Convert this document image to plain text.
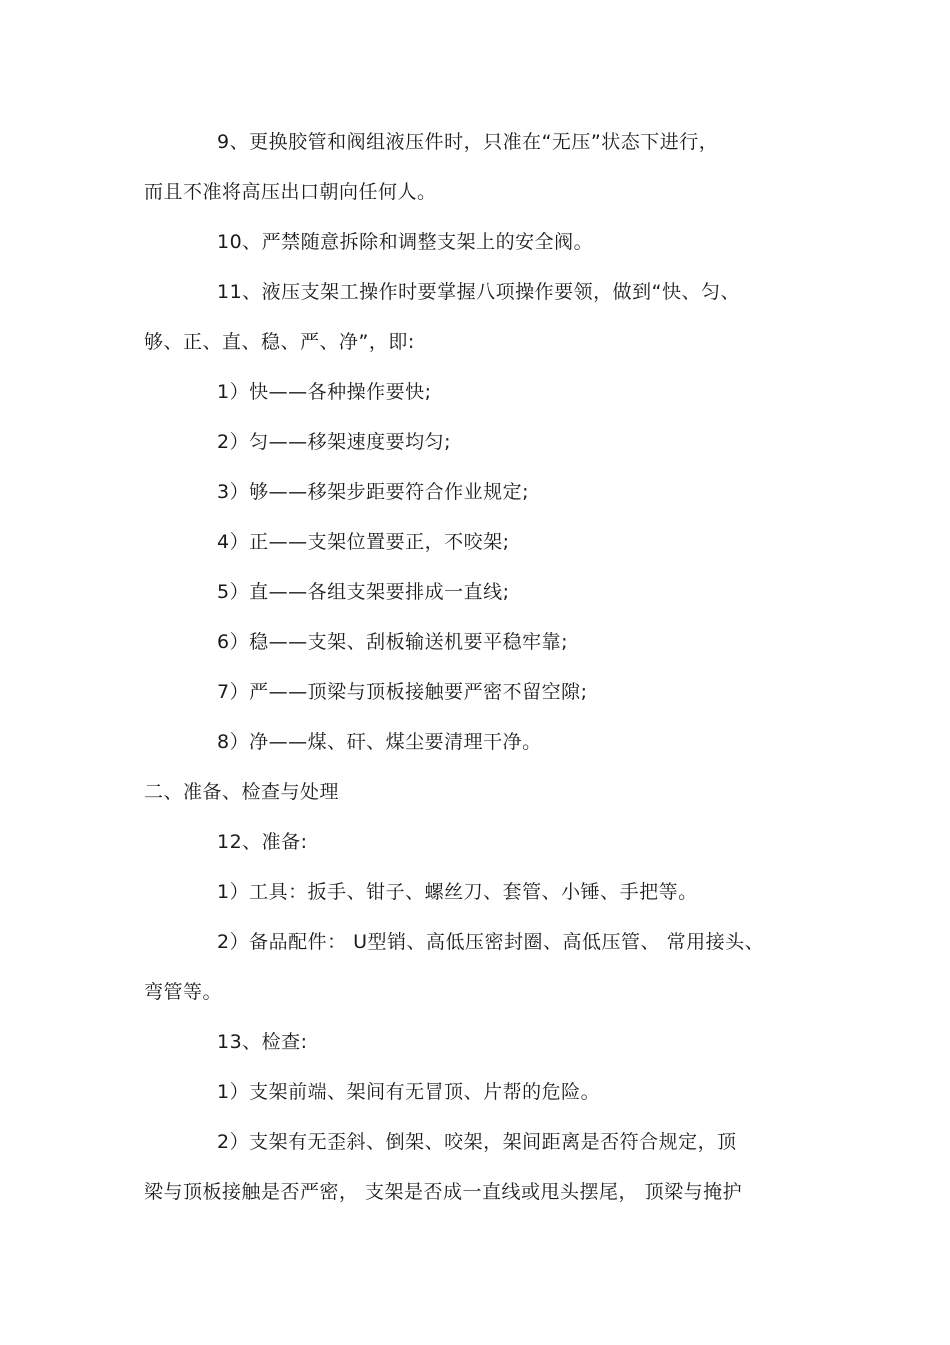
9、更换胶管和阀组液压件时，只准在“无压”状态下进行，
而且不准将高压出口朝向任何人。
10、严禁随意拆除和调整支架上的安全阀。
11、液压支架工操作时要掌握八项操作要领，做到“快、匀、
够、正、直、稳、严、净”，即:
1）快——各种操作要快;
2）匀——移架速度要均匀;
3）够——移架步距要符合作业规定;
4）正——支架位置要正，不咬架;
5）直——各组支架要排成一直线;
6）稳——支架、刮板输送机要平稳牢靠;
7）严——顶梁与顶板接触要严密不留空隙;
8）净——煤、矸、煤尘要清理干净。
二、准备、检查与处理
12、准备:
1）工具：扳手、钳子、螺丝刀、套管、小锤、手把等。
2）备品配件： U型销、高低压密封圈、高低压管、 常用接头、
弯管等。
13、检查:
1）支架前端、架间有无冒顶、片帮的危险。
2）支架有无歪斜、倒架、咬架，架间距离是否符合规定，顶
梁与顶板接触是否严密， 支架是否成一直线或甩头摆尾， 顶梁与掩护
